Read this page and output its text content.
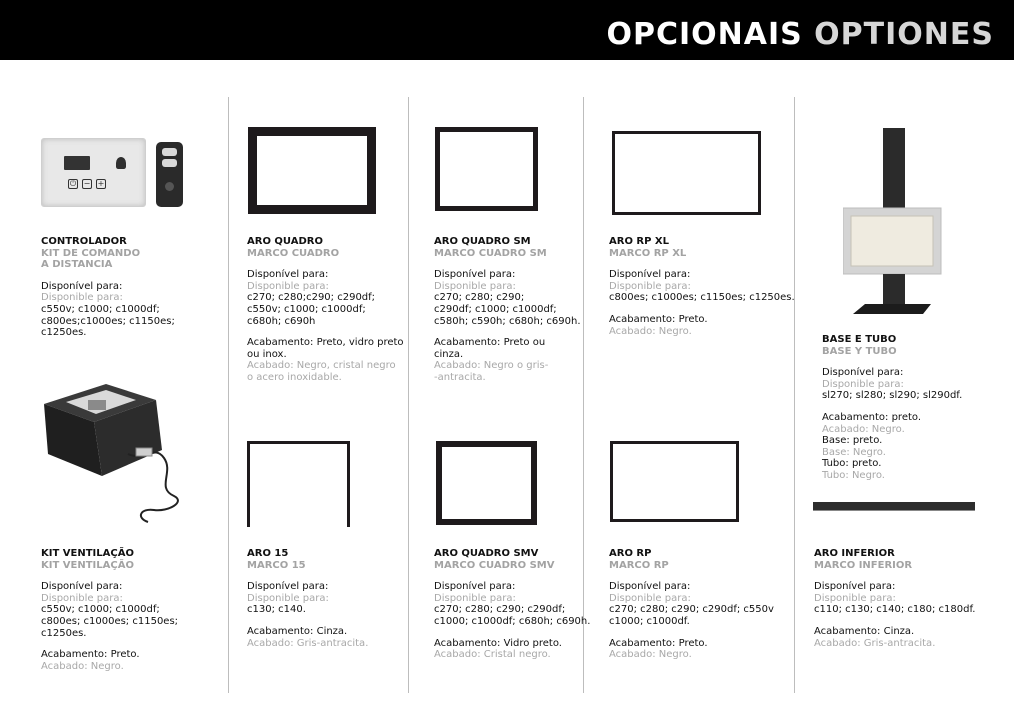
OPCIONAIS OPTIONES
⏻ − +
CONTROLADOR
KIT DE COMANDO
A DISTANCIA
Disponível para:
Disponible para:
c550v; c1000; c1000df;
c800es;c1000es; c1150es;
c1250es.
KIT VENTILAÇÃO
KIT VENTILAÇÃO
Disponível para:
Disponible para:
c550v; c1000; c1000df;
c800es; c1000es; c1150es;
c1250es.
Acabamento: Preto.
Acabado: Negro.
ARO QUADRO
MARCO CUADRO
Disponível para:
Disponible para:
c270; c280;c290; c290df;
c550v; c1000; c1000df;
c680h; c690h
Acabamento: Preto, vidro preto
ou inox.
Acabado: Negro, cristal negro
o acero inoxidable.
ARO 15
MARCO 15
Disponível para:
Disponible para:
c130; c140.
Acabamento: Cinza.
Acabado: Gris-antracita.
ARO QUADRO SM
MARCO CUADRO SM
Disponível para:
Disponible para:
c270; c280; c290;
c290df; c1000; c1000df;
c580h; c590h; c680h; c690h.
Acabamento: Preto ou
cinza.
Acabado: Negro o gris-
-antracita.
ARO QUADRO SMV
MARCO CUADRO SMV
Disponível para:
Disponible para:
c270; c280; c290; c290df;
c1000; c1000df; c680h; c690h.
Acabamento: Vidro preto.
Acabado: Cristal negro.
ARO RP XL
MARCO RP XL
Disponível para:
Disponible para:
c800es; c1000es; c1150es; c1250es.
Acabamento: Preto.
Acabado: Negro.
ARO RP
MARCO RP
Disponível para:
Disponible para:
c270; c280; c290; c290df; c550v
c1000; c1000df.
Acabamento: Preto.
Acabado: Negro.
BASE E TUBO
BASE Y TUBO
Disponível para:
Disponible para:
sl270; sl280; sl290; sl290df.
Acabamento: preto.
Acabado: Negro.
Base: preto.
Base: Negro.
Tubo: preto.
Tubo: Negro.
ARO INFERIOR
MARCO INFERIOR
Disponível para:
Disponible para:
c110; c130; c140; c180; c180df.
Acabamento: Cinza.
Acabado: Gris-antracita.
